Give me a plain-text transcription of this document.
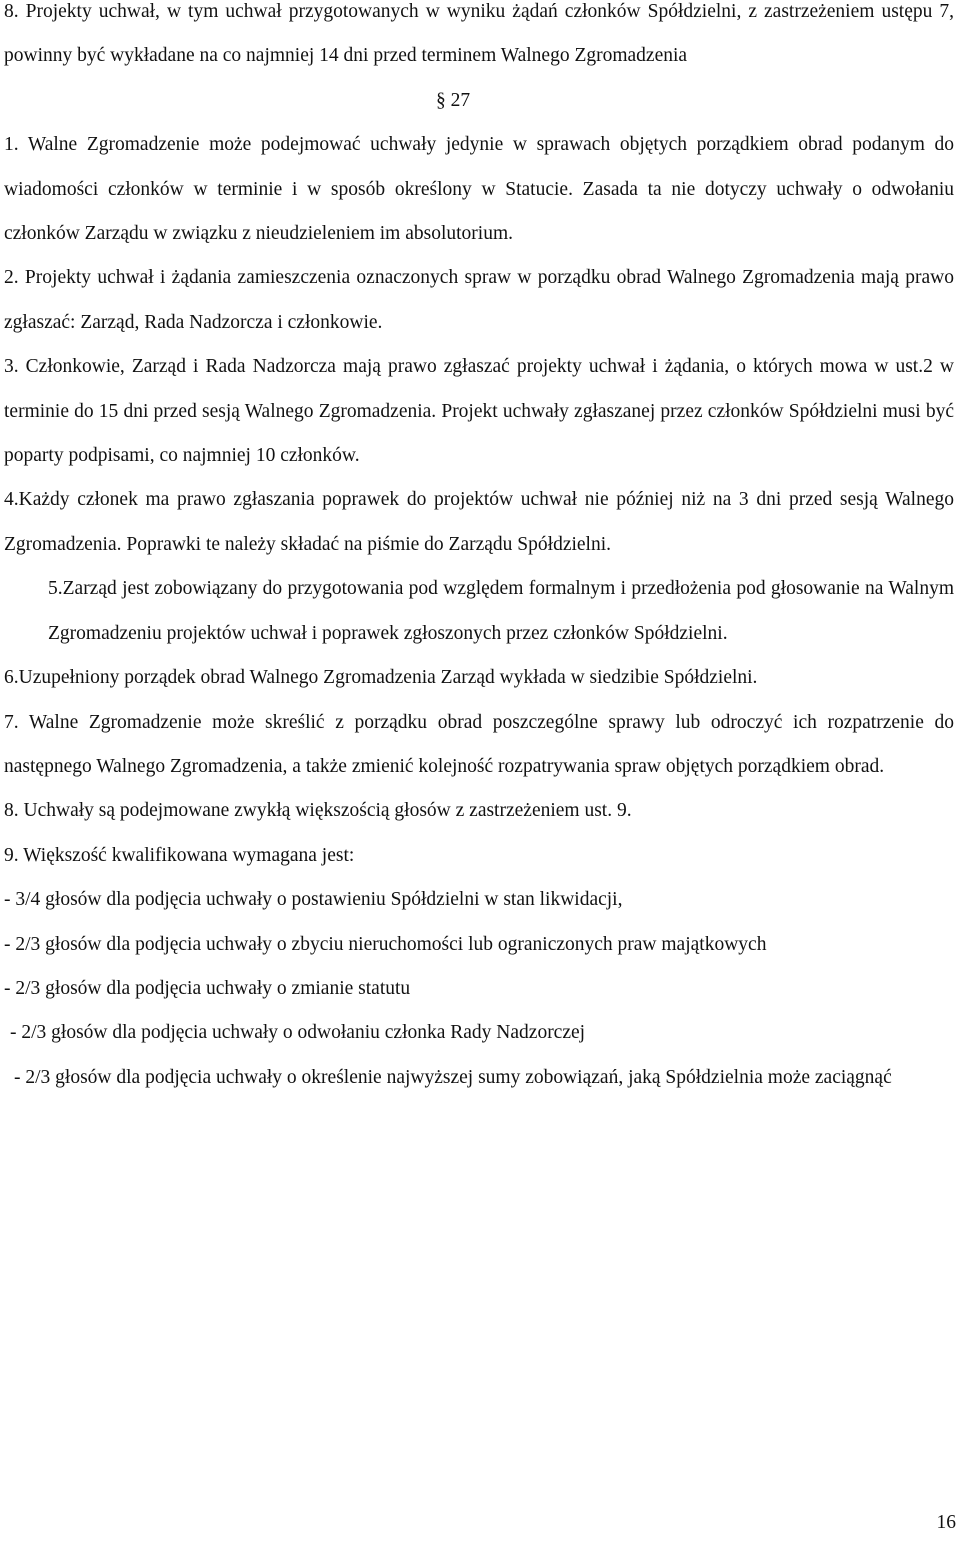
8. Projekty uchwał, w tym uchwał przygotowanych w wyniku żądań członków Spółdzielni, z zastrzeżeniem ustępu 7, powinny być wykładane na co najmniej 14 dni przed terminem Walnego Zgromadzenia

§ 27

1. Walne Zgromadzenie może podejmować uchwały jedynie w sprawach objętych porządkiem obrad podanym do wiadomości członków w terminie i w sposób określony w Statucie. Zasada ta nie dotyczy uchwały o odwołaniu członków Zarządu w związku z nieudzieleniem im absolutorium.

2. Projekty uchwał i żądania zamieszczenia oznaczonych spraw w porządku obrad Walnego Zgromadzenia mają prawo zgłaszać: Zarząd, Rada Nadzorcza i członkowie.

3. Członkowie, Zarząd i Rada Nadzorcza mają prawo zgłaszać projekty uchwał i żądania, o których mowa w ust.2 w terminie do 15 dni przed sesją Walnego Zgromadzenia. Projekt uchwały zgłaszanej przez członków Spółdzielni musi być poparty podpisami, co najmniej 10 członków.

4.Każdy członek ma prawo zgłaszania poprawek do projektów uchwał nie później niż na 3 dni przed sesją Walnego Zgromadzenia. Poprawki te należy składać na piśmie do Zarządu Spółdzielni.

5.Zarząd jest zobowiązany do przygotowania pod względem formalnym i przedłożenia pod głosowanie na Walnym Zgromadzeniu projektów uchwał i poprawek zgłoszonych przez członków Spółdzielni.

6.Uzupełniony porządek obrad Walnego Zgromadzenia Zarząd wykłada w siedzibie Spółdzielni.

7. Walne Zgromadzenie może skreślić z porządku obrad poszczególne sprawy lub odroczyć ich rozpatrzenie do następnego Walnego Zgromadzenia, a także zmienić kolejność rozpatrywania spraw objętych porządkiem obrad.

8. Uchwały są podejmowane zwykłą większością głosów z zastrzeżeniem ust. 9.

9. Większość kwalifikowana wymagana jest:

- 3/4 głosów dla podjęcia uchwały o postawieniu Spółdzielni w stan likwidacji,

- 2/3 głosów dla podjęcia uchwały o zbyciu nieruchomości lub ograniczonych praw majątkowych

- 2/3 głosów dla podjęcia uchwały o zmianie statutu

- 2/3 głosów dla podjęcia uchwały o odwołaniu członka Rady Nadzorczej

- 2/3 głosów dla podjęcia uchwały o określenie najwyższej sumy zobowiązań, jaką Spółdzielnia może zaciągnąć

16
